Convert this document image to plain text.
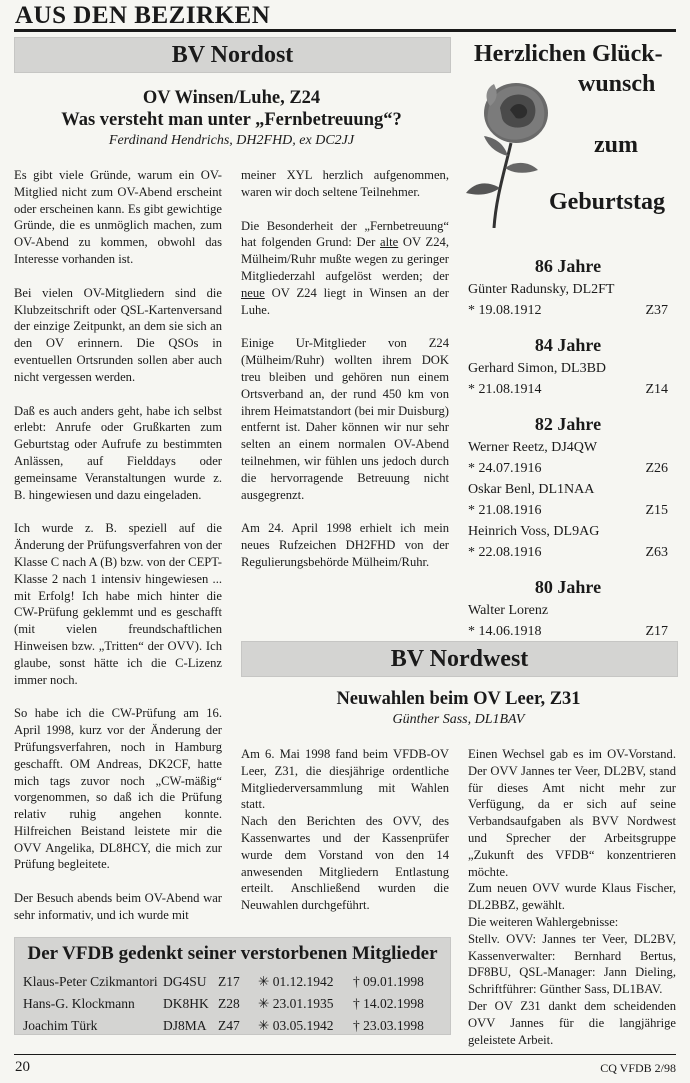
AUS DEN BEZIRKEN
BV Nordost
OV Winsen/Luhe, Z24
Was versteht man unter „Fernbetreuung“?
Ferdinand Hendrichs, DH2FHD, ex DC2JJ

Es gibt viele Gründe, warum ein OV-Mitglied nicht zum OV-Abend erscheint oder erscheinen kann. Es gibt gewichtige Gründe, die es unmöglich machen, zum OV-Abend zu kommen, obwohl das Interesse vorhanden ist.

Bei vielen OV-Mitgliedern sind die Klubzeitschrift oder QSL-Kartenversand der einzige Zeitpunkt, an dem sie sich an den OV erinnern. Die QSOs in eventuellen Ortsrunden sollen aber auch nicht vergessen werden.

Daß es auch anders geht, habe ich selbst erlebt: Anrufe oder Grußkarten zum Geburtstag oder Aufrufe zu bestimmten Anlässen, auf Fielddays oder gemeinsame Veranstaltungen wurde z. B. hingewiesen und dazu eingeladen.

Ich wurde z. B. speziell auf die Änderung der Prüfungsverfahren von der Klasse C nach A (B) bzw. von der CEPT-Klasse 2 nach 1 intensiv hingewiesen ... mit Erfolg! Ich habe mich hinter die CW-Prüfung geklemmt und es geschafft (mit vielen freundschaftlichen Hinweisen bzw. „Tritten“ der OVV). Ich glaube, sonst hätte ich die C-Lizenz immer noch.

So habe ich die CW-Prüfung am 16. April 1998, kurz vor der Änderung der Prüfungsverfahren, noch in Hamburg geschafft. OM Andreas, DK2CF, hatte mich tags zuvor noch „CW-mäßig“ vorgenommen, so daß ich die Prüfung relativ ruhig angehen konnte. Hilfreichen Beistand leistete mir die OVV Angelika, DL8HCY, die mich zur Prüfung begleitete.

Der Besuch abends beim OV-Abend war sehr informativ, und ich wurde mit

meiner XYL herzlich aufgenommen, waren wir doch seltene Teilnehmer.

Die Besonderheit der „Fernbetreuung“ hat folgenden Grund: Der alte OV Z24, Mülheim/Ruhr mußte wegen zu geringer Mitgliederzahl aufgelöst werden; der neue OV Z24 liegt in Winsen an der Luhe.

Einige Ur-Mitglieder von Z24 (Mülheim/Ruhr) wollten ihrem DOK treu bleiben und gehören nun einem Ortsverband an, der rund 450 km von ihrem Heimatstandort (bei mir Duisburg) entfernt ist. Daher können wir nur sehr selten an einem normalen OV-Abend teilnehmen, wir fühlen uns jedoch durch die hervorragende Betreuung nicht ausgegrenzt.

Am 24. April 1998 erhielt ich mein neues Rufzeichen DH2FHD von der Regulierungsbehörde Mülheim/Ruhr.

Herzlichen Glück-
wunsch
zum
Geburtstag
86 Jahre
Günter Radunsky, DL2FT
* 19.08.1912	Z37
84 Jahre
Gerhard Simon, DL3BD
* 21.08.1914	Z14
82 Jahre
Werner Reetz, DJ4QW
* 24.07.1916	Z26
Oskar Benl, DL1NAA
* 21.08.1916	Z15
Heinrich Voss, DL9AG
* 22.08.1916	Z63
80 Jahre
Walter Lorenz
* 14.06.1918	Z17
BV Nordwest
Neuwahlen beim OV Leer, Z31
Günther Sass, DL1BAV

Am 6. Mai 1998 fand beim VFDB-OV Leer, Z31, die diesjährige ordentliche Mitgliederversammlung mit Wahlen statt.

Nach den Berichten des OVV, des Kassenwartes und der Kassenprüfer wurde dem Vorstand von den 14 anwesenden Mitgliedern Entlastung erteilt. Anschließend wurden die Neuwahlen durchgeführt.

Einen Wechsel gab es im OV-Vorstand. Der OVV Jannes ter Veer, DL2BV, stand für dieses Amt nicht mehr zur Verfügung, da er sich auf seine Verbandsaufgaben als BVV Nordwest und Sprecher der Arbeitsgruppe „Zukunft des VFDB“ konzentrieren möchte.

Zum neuen OVV wurde Klaus Fischer, DL2BBZ, gewählt.

Die weiteren Wahlergebnisse:

Stellv. OVV: Jannes ter Veer, DL2BV, Kassenverwalter: Bernhard Bertus, DF8BU, QSL-Manager: Jann Dieling, Schriftführer: Günther Sass, DL1BAV.

Der OV Z31 dankt dem scheidenden OVV Jannes für die langjährige geleistete Arbeit.

Der VFDB gedenkt seiner verstorbenen Mitglieder
Klaus-Peter Czikmantori	DG4SU	Z17	✳ 01.12.1942	† 09.01.1998
Hans-G. Klockmann	DK8HK	Z28	✳ 23.01.1935	† 14.02.1998
Joachim Türk	DJ8MA	Z47	✳ 03.05.1942	† 23.03.1998
20	CQ VFDB 2/98
